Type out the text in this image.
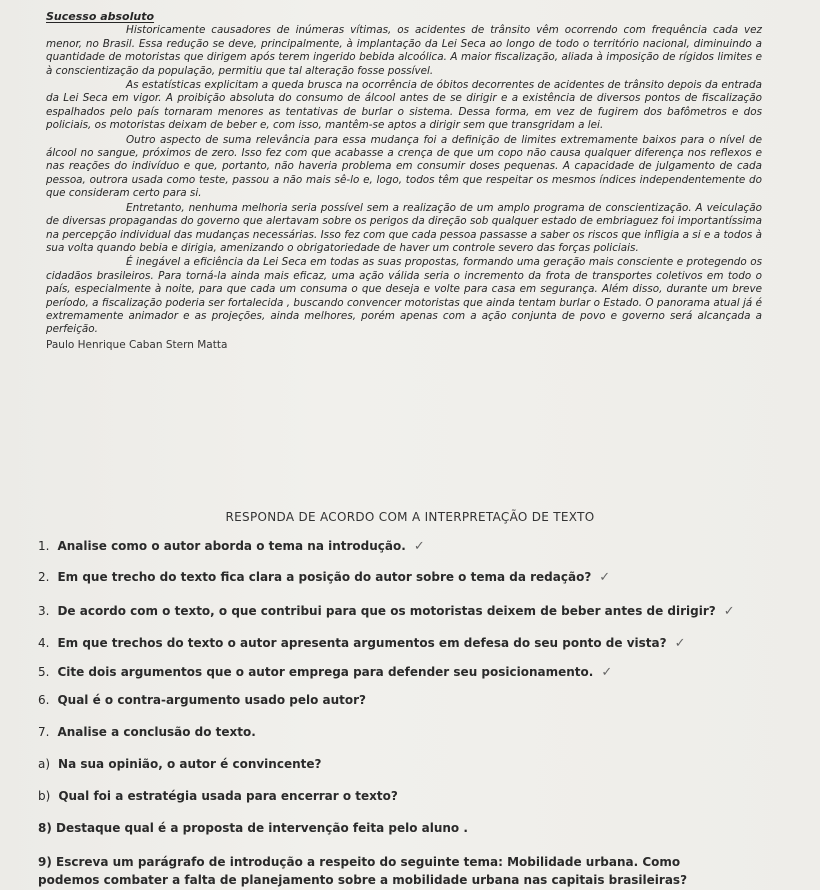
Sucesso absoluto

Historicamente causadores de inúmeras vítimas, os acidentes de trânsito vêm ocorrendo com frequência cada vez menor, no Brasil. Essa redução se deve, principalmente, à implantação da Lei Seca ao longo de todo o território nacional, diminuindo a quantidade de motoristas que dirigem após terem ingerido bebida alcoólica. A maior fiscalização, aliada à imposição de rígidos limites e à conscientização da população, permitiu que tal alteração fosse possível.

As estatísticas explicitam a queda brusca na ocorrência de óbitos decorrentes de acidentes de trânsito depois da entrada da Lei Seca em vigor. A proibição absoluta do consumo de álcool antes de se dirigir e a existência de diversos pontos de fiscalização espalhados pelo país tornaram menores as tentativas de burlar o sistema. Dessa forma, em vez de fugirem dos bafômetros e dos policiais, os motoristas deixam de beber e, com isso, mantêm-se aptos a dirigir sem que transgridam a lei.

Outro aspecto de suma relevância para essa mudança foi a definição de limites extremamente baixos para o nível de álcool no sangue, próximos de zero. Isso fez com que acabasse a crença de que um copo não causa qualquer diferença nos reflexos e nas reações do indivíduo e que, portanto, não haveria problema em consumir doses pequenas. A capacidade de julgamento de cada pessoa, outrora usada como teste, passou a não mais sê-lo e, logo, todos têm que respeitar os mesmos índices independentemente do que consideram certo para si.

Entretanto, nenhuma melhoria seria possível sem a realização de um amplo programa de conscientização. A veiculação de diversas propagandas do governo que alertavam sobre os perigos da direção sob qualquer estado de embriaguez foi importantíssima na percepção individual das mudanças necessárias. Isso fez com que cada pessoa passasse a saber os riscos que infligia a si e a todos à sua volta quando bebia e dirigia, amenizando o obrigatoriedade de haver um controle severo das forças policiais.

É inegável a eficiência da Lei Seca em todas as suas propostas, formando uma geração mais consciente e protegendo os cidadãos brasileiros. Para torná-la ainda mais eficaz, uma ação válida seria o incremento da frota de transportes coletivos em todo o país, especialmente à noite, para que cada um consuma o que deseja e volte para casa em segurança. Além disso, durante um breve período, a fiscalização poderia ser fortalecida , buscando convencer motoristas que ainda tentam burlar o Estado. O panorama atual já é extremamente animador e as projeções, ainda melhores, porém apenas com a ação conjunta de povo e governo será alcançada a perfeição.

Paulo Henrique Caban Stern Matta
RESPONDA DE ACORDO COM A INTERPRETAÇÃO DE TEXTO
1. Analise como o autor aborda o tema na introdução. ✓
2. Em que trecho do texto fica clara a posição do autor sobre o tema da redação? ✓
3. De acordo com o texto, o que contribui para que os motoristas deixem de beber antes de dirigir? ✓
4. Em que trechos do texto o autor apresenta argumentos em defesa do seu ponto de vista? ✓
5. Cite dois argumentos que o autor emprega para defender seu posicionamento. ✓
6. Qual é o contra-argumento usado pelo autor?
7. Analise a conclusão do texto.
a) Na sua opinião, o autor é convincente?
b) Qual foi a estratégia usada para encerrar o texto?
8) Destaque qual é a proposta de intervenção feita pelo aluno .
9) Escreva um parágrafo de introdução a respeito do seguinte tema: Mobilidade urbana. Como podemos combater a falta de planejamento sobre a mobilidade urbana nas capitais brasileiras?
